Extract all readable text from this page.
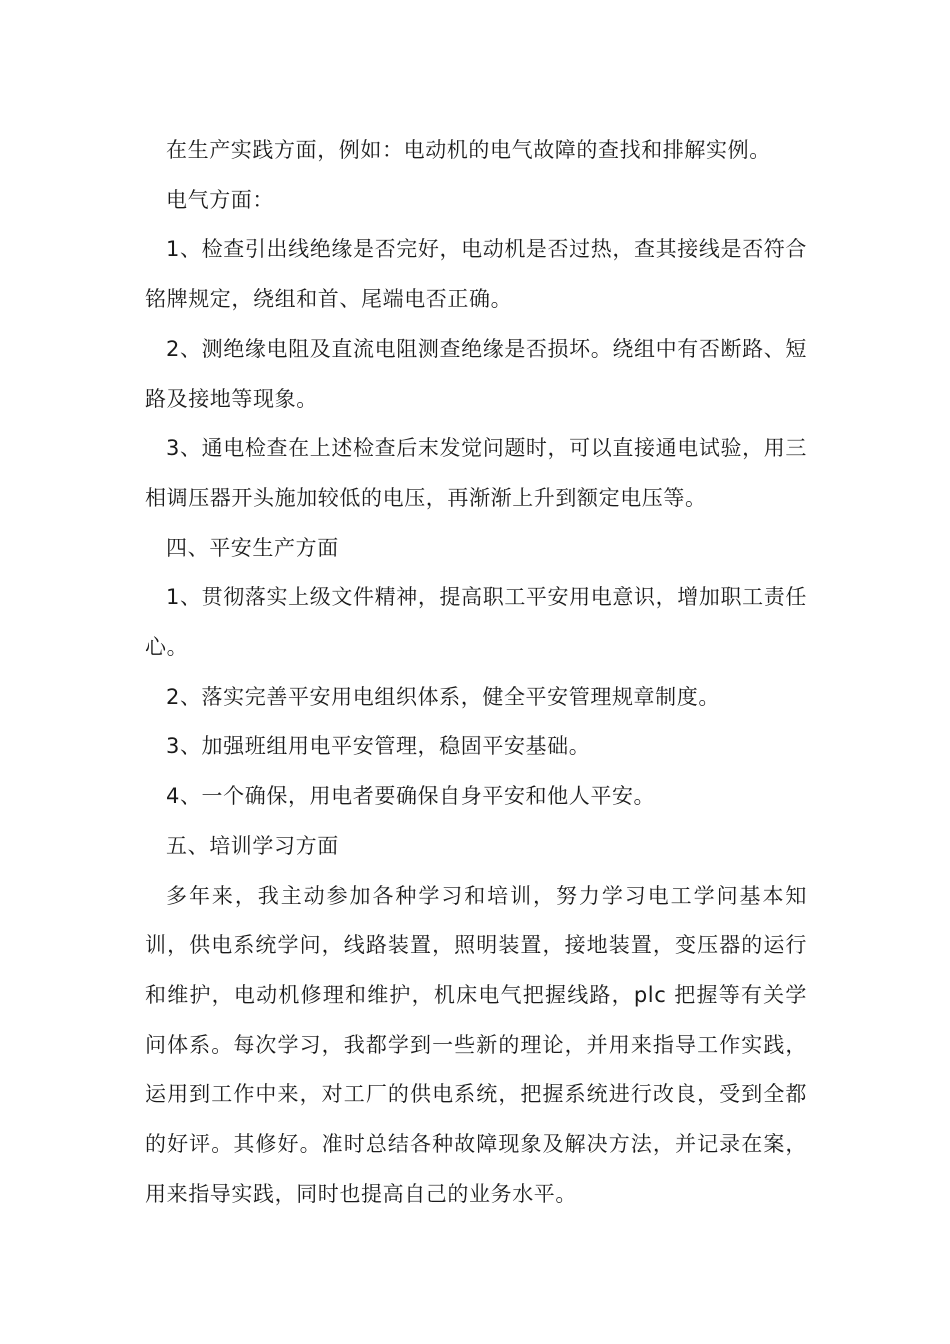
在生产实践方面，例如：电动机的电气故障的查找和排解实例。

电气方面：

1、检查引出线绝缘是否完好，电动机是否过热，查其接线是否符合铭牌规定，绕组和首、尾端电否正确。

2、测绝缘电阻及直流电阻测查绝缘是否损坏。绕组中有否断路、短路及接地等现象。

3、通电检查在上述检查后末发觉问题时，可以直接通电试验，用三相调压器开头施加较低的电压，再渐渐上升到额定电压等。

四、平安生产方面

1、贯彻落实上级文件精神，提高职工平安用电意识，增加职工责任心。

2、落实完善平安用电组织体系，健全平安管理规章制度。

3、加强班组用电平安管理，稳固平安基础。

4、一个确保，用电者要确保自身平安和他人平安。

五、培训学习方面

多年来，我主动参加各种学习和培训，努力学习电工学问基本知训，供电系统学问，线路装置，照明装置，接地装置，变压器的运行和维护，电动机修理和维护，机床电气把握线路，plc 把握等有关学问体系。每次学习，我都学到一些新的理论，并用来指导工作实践，运用到工作中来，对工厂的供电系统，把握系统进行改良，受到全都的好评。其修好。准时总结各种故障现象及解决方法，并记录在案，用来指导实践，同时也提高自己的业务水平。
